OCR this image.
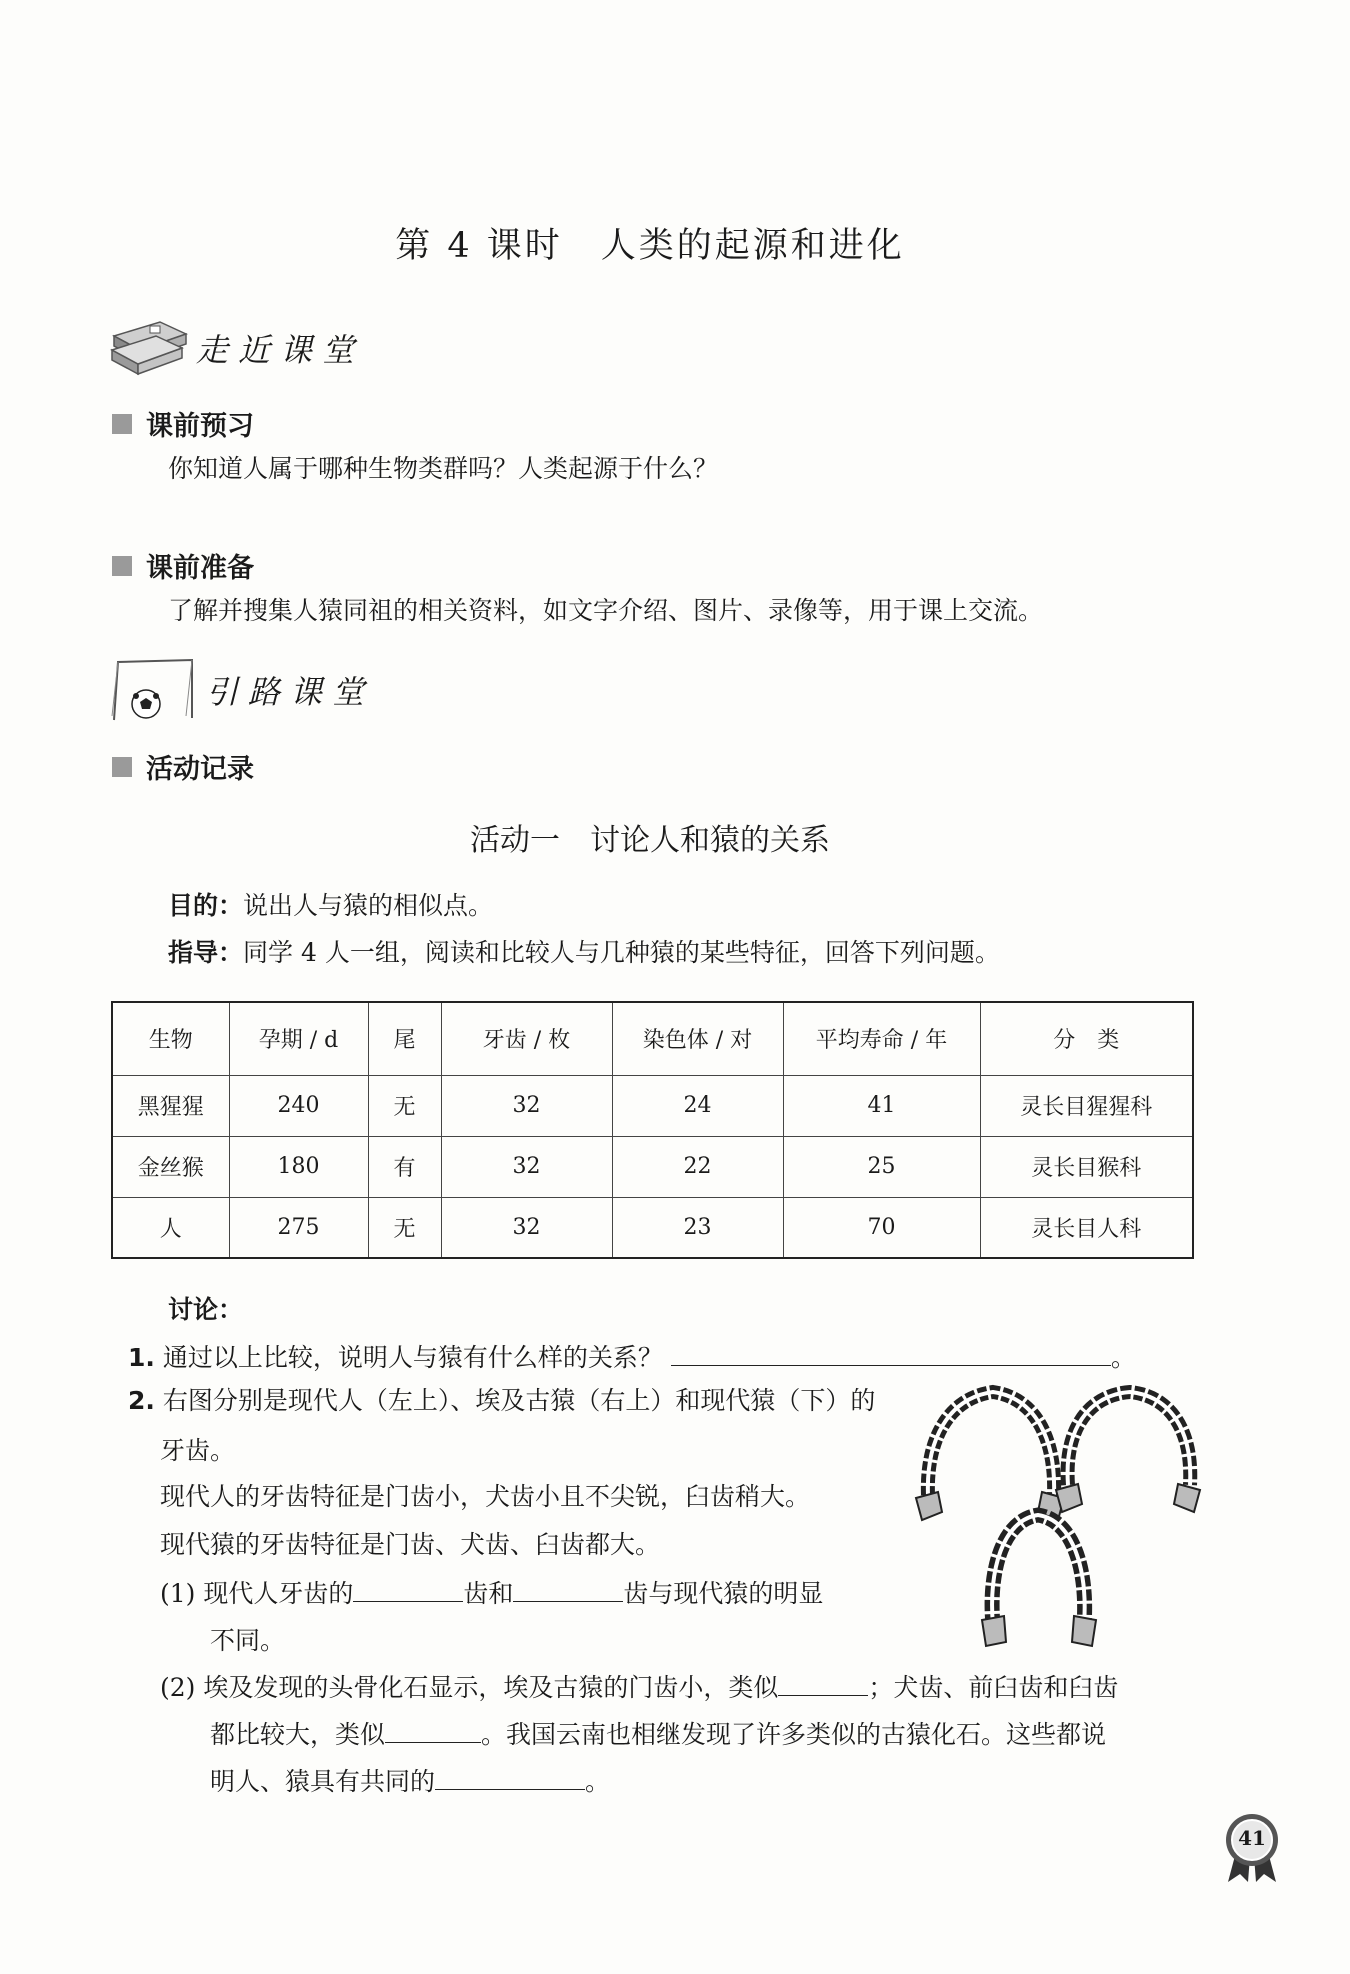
第 4 课时　人类的起源和进化
走近课堂
课前预习
你知道人属于哪种生物类群吗？人类起源于什么？
课前准备
了解并搜集人猿同祖的相关资料，如文字介绍、图片、录像等，用于课上交流。
引路课堂
活动记录
活动一　讨论人和猿的关系
目的：说出人与猿的相似点。
指导：同学 4 人一组，阅读和比较人与几种猿的某些特征，回答下列问题。
生物	孕期 / d	尾	牙齿 / 枚	染色体 / 对	平均寿命 / 年	分　类
黑猩猩	240	无	32	24	41	灵长目猩猩科
金丝猴	180	有	32	22	25	灵长目猴科
人	275	无	32	23	70	灵长目人科
讨论：
1. 通过以上比较，说明人与猿有什么样的关系？	。
2. 右图分别是现代人（左上）、埃及古猿（右上）和现代猿（下）的
牙齿。
现代人的牙齿特征是门齿小，犬齿小且不尖锐，臼齿稍大。
现代猿的牙齿特征是门齿、犬齿、臼齿都大。
(1) 现代人牙齿的	齿和	齿与现代猿的明显
不同。
(2) 埃及发现的头骨化石显示，埃及古猿的门齿小，类似	；犬齿、前臼齿和臼齿
都比较大，类似	。我国云南也相继发现了许多类似的古猿化石。这些都说
明人、猿具有共同的	。
41
